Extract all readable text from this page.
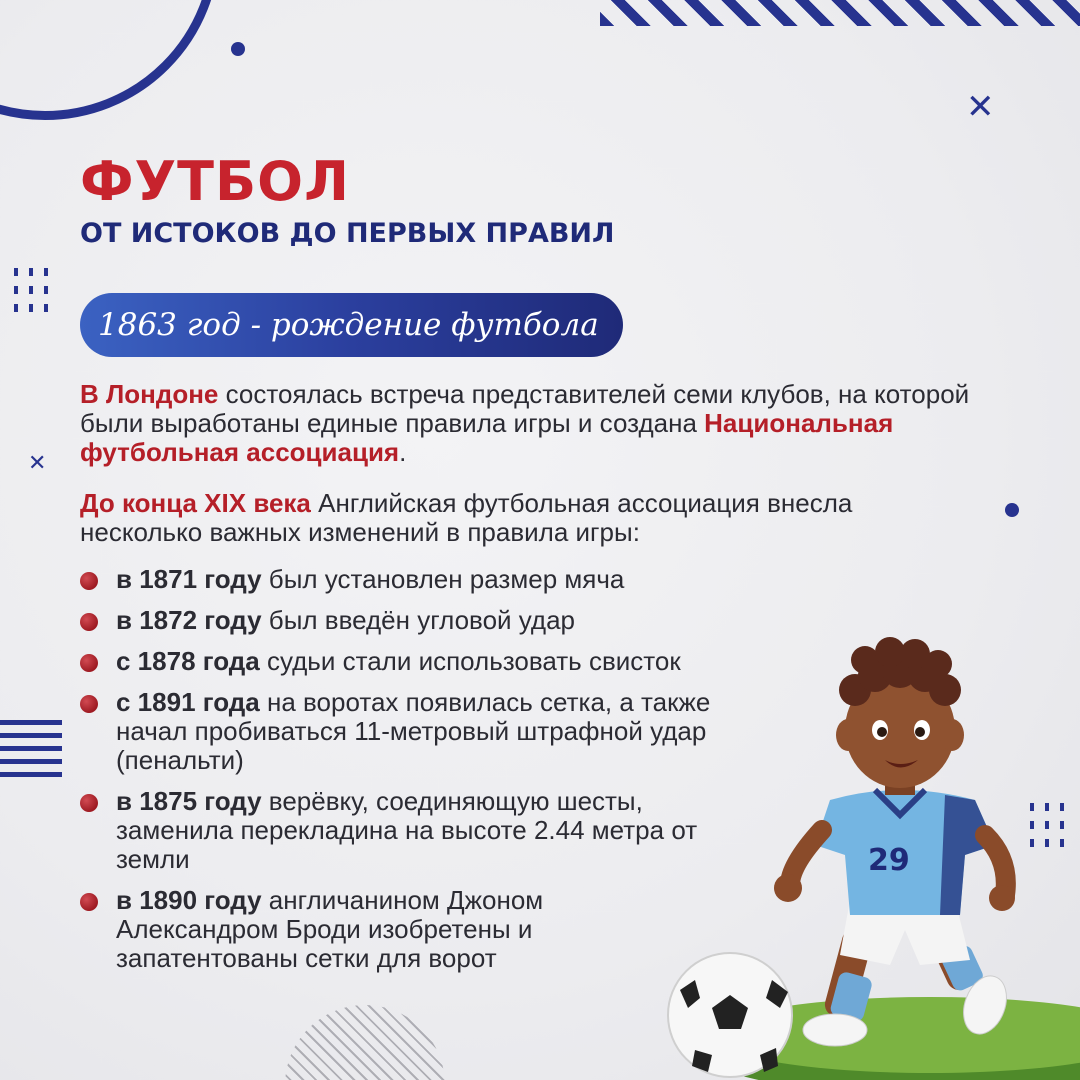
✕
✕
ФУТБОЛ
ОТ ИСТОКОВ ДО ПЕРВЫХ ПРАВИЛ
1863 год - рождение футбола
В Лондоне состоялась встреча представителей семи клубов, на которой были выработаны единые правила игры и создана Национальная футбольная ассоциация.
До конца XIX века Английская футбольная ассоциация внесла несколько важных изменений в правила игры:
в 1871 году был установлен размер мяча
в 1872 году был введён угловой удар
с 1878 года судьи стали использовать свисток
с 1891 года на воротах появилась сетка, а также начал пробиваться 11-метровый штрафной удар (пенальти)
в 1875 году верёвку, соединяющую шесты, заменила перекладина на высоте 2.44 метра от земли
в 1890 году англичанином Джоном Александром Броди изобретены и запатентованы сетки для ворот
29
